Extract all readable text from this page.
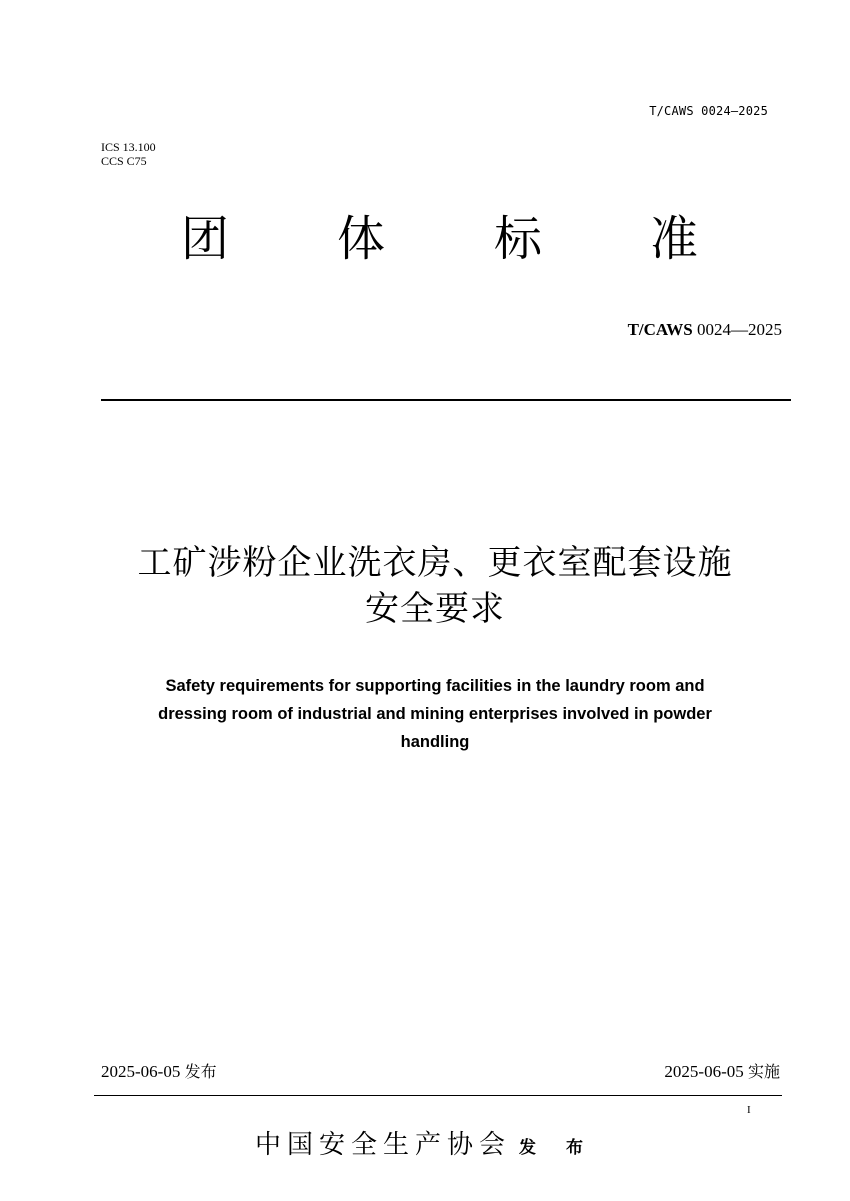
T/CAWS 0024—2025
ICS 13.100
CCS C75
团 体 标 准
T/CAWS 0024—2025
工矿涉粉企业洗衣房、更衣室配套设施
安全要求
Safety requirements for supporting facilities in the laundry room and
dressing room of industrial and mining enterprises involved in powder
handling
2025-06-05 发布	2025-06-05 实施
I
中国安全生产协会 发 布
